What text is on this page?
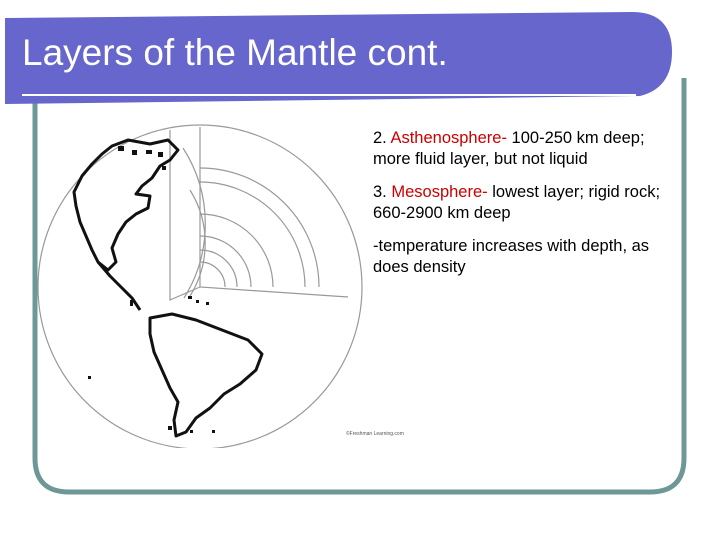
Layers of the Mantle cont.
©Freshman Learning.com

2. Asthenosphere- 100-250 km deep; more fluid layer, but not liquid

3. Mesosphere- lowest layer; rigid rock; 660-2900 km deep

-temperature increases with depth, as does density
